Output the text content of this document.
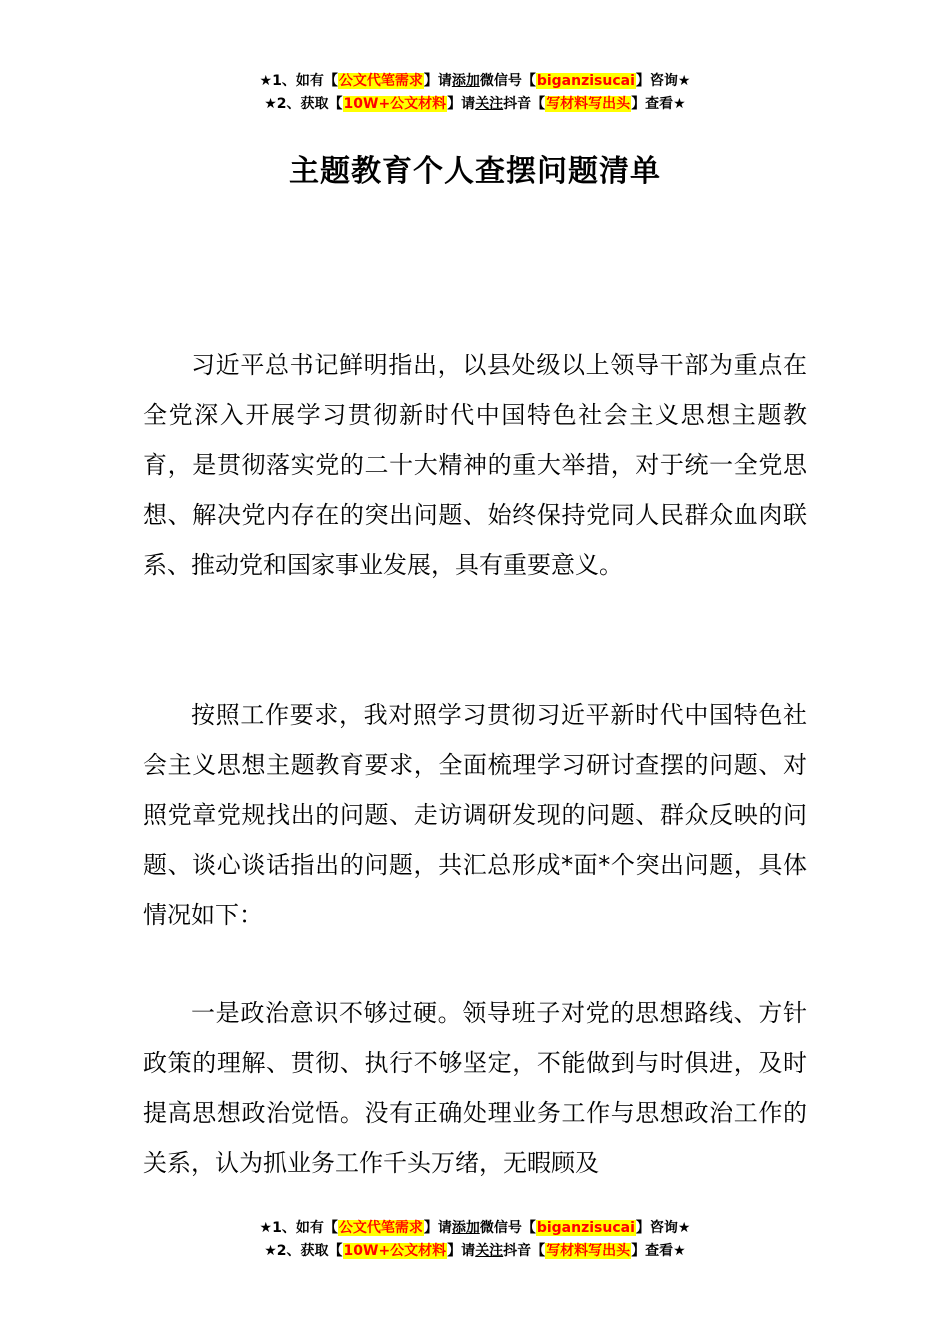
★1、如有【公文代笔需求】请添加微信号【biganzisucai】咨询★
★2、获取【10W+公文材料】请关注抖音【写材料写出头】查看★
主题教育个人查摆问题清单

习近平总书记鲜明指出，以县处级以上领导干部为重点在全党深入开展学习贯彻新时代中国特色社会主义思想主题教育，是贯彻落实党的二十大精神的重大举措，对于统一全党思想、解决党内存在的突出问题、始终保持党同人民群众血肉联系、推动党和国家事业发展，具有重要意义。

按照工作要求，我对照学习贯彻习近平新时代中国特色社会主义思想主题教育要求，全面梳理学习研讨查摆的问题、对照党章党规找出的问题、走访调研发现的问题、群众反映的问题、谈心谈话指出的问题，共汇总形成*面*个突出问题，具体情况如下：

一是政治意识不够过硬。领导班子对党的思想路线、方针政策的理解、贯彻、执行不够坚定，不能做到与时俱进，及时提高思想政治觉悟。没有正确处理业务工作与思想政治工作的关系，认为抓业务工作千头万绪，无暇顾及

★1、如有【公文代笔需求】请添加微信号【biganzisucai】咨询★
★2、获取【10W+公文材料】请关注抖音【写材料写出头】查看★
